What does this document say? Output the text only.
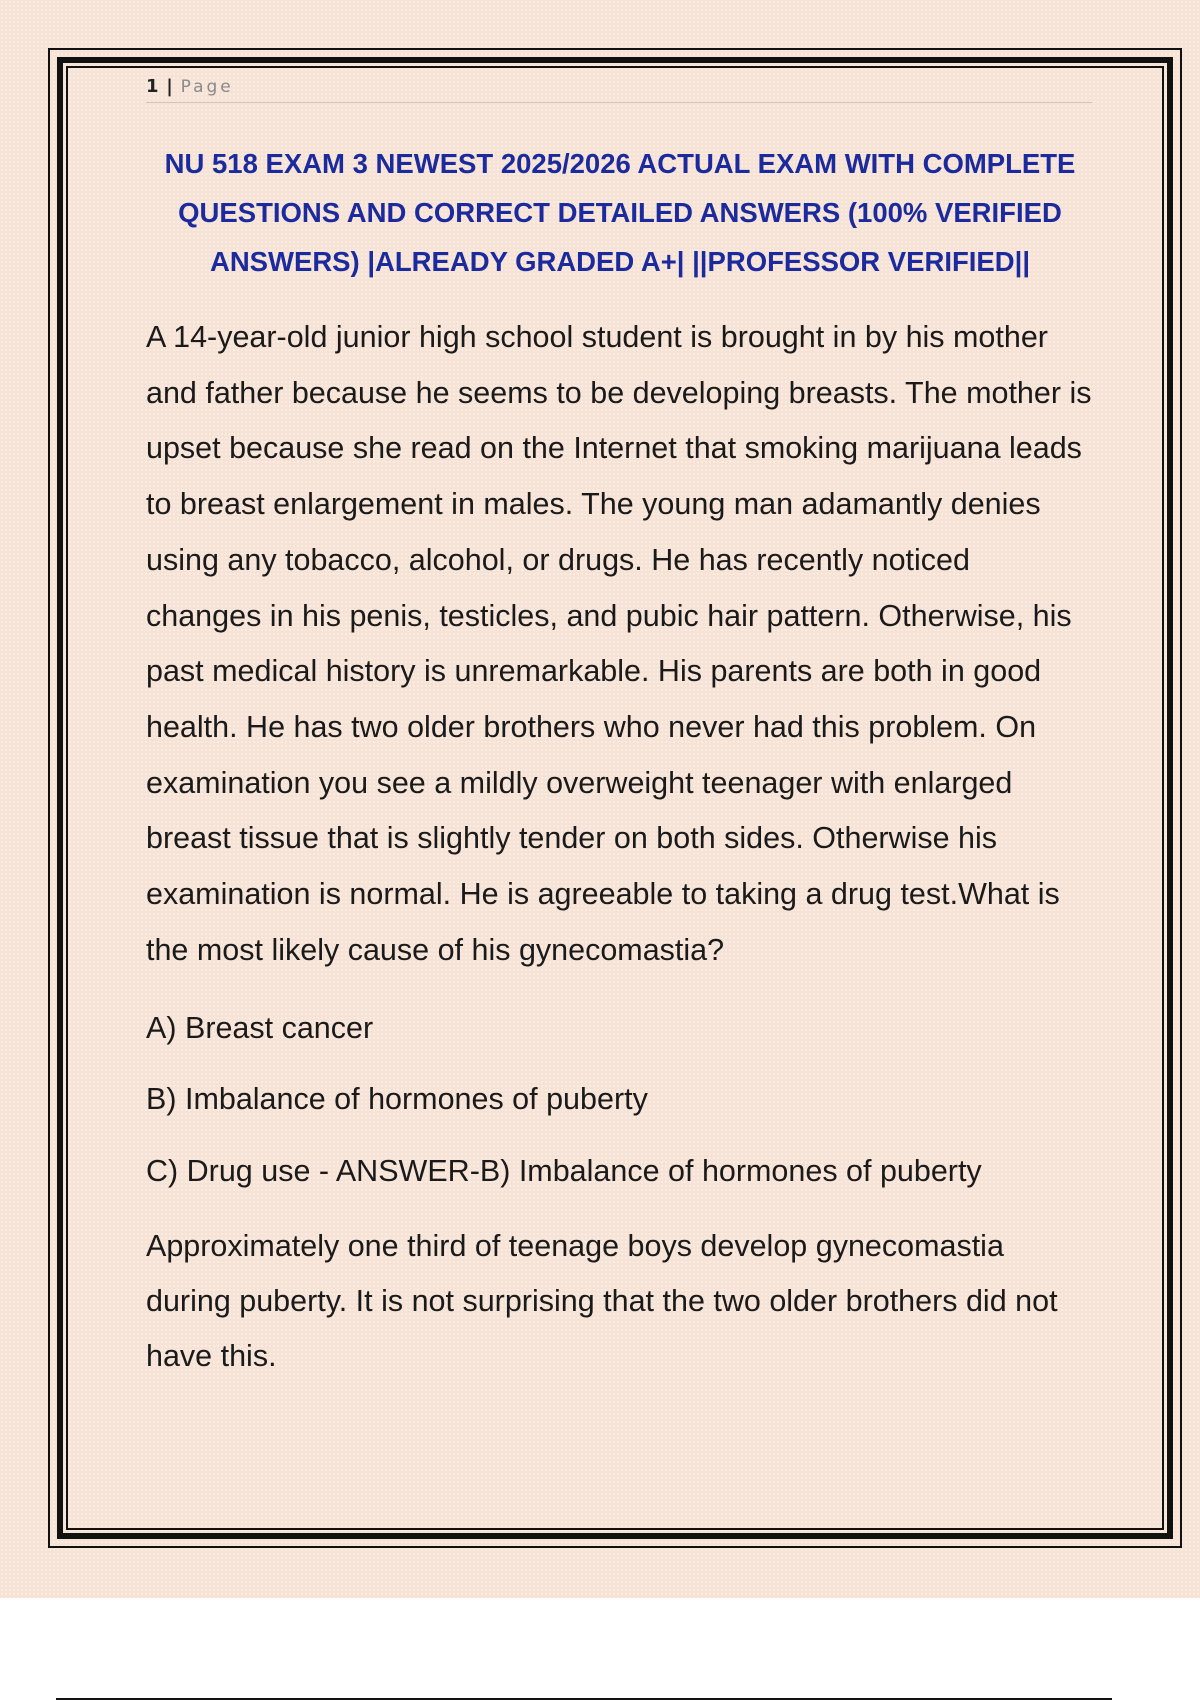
1 | Page
NU 518 EXAM 3 NEWEST 2025/2026 ACTUAL EXAM WITH COMPLETE QUESTIONS AND CORRECT DETAILED ANSWERS (100% VERIFIED ANSWERS) |ALREADY GRADED A+| ||PROFESSOR VERIFIED||
A 14-year-old junior high school student is brought in by his mother and father because he seems to be developing breasts. The mother is upset because she read on the Internet that smoking marijuana leads to breast enlargement in males. The young man adamantly denies using any tobacco, alcohol, or drugs. He has recently noticed changes in his penis, testicles, and pubic hair pattern. Otherwise, his past medical history is unremarkable. His parents are both in good health. He has two older brothers who never had this problem. On examination you see a mildly overweight teenager with enlarged breast tissue that is slightly tender on both sides. Otherwise his examination is normal. He is agreeable to taking a drug test.What is the most likely cause of his gynecomastia?
A) Breast cancer
B) Imbalance of hormones of puberty
C) Drug use - ANSWER-B) Imbalance of hormones of puberty
Approximately one third of teenage boys develop gynecomastia during puberty. It is not surprising that the two older brothers did not have this.
